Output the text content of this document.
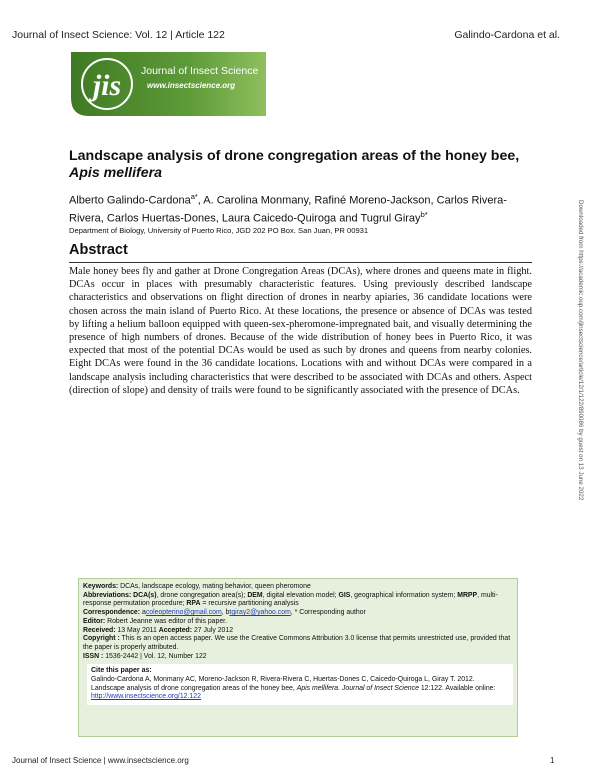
Journal of Insect Science: Vol. 12 | Article 122	Galindo-Cardona et al.
jis Journal of Insect Science
www.insectscience.org
Landscape analysis of drone congregation areas of the honey bee, Apis mellifera
Alberto Galindo-Cardona$^{a*}$, A. Carolina Monmany, Rafiné Moreno-Jackson, Carlos Rivera-Rivera, Carlos Huertas-Dones, Laura Caicedo-Quiroga and Tugrul Giray$^{b*}$
Department of Biology, University of Puerto Rico, JGD 202 PO Box. San Juan, PR 00931
Abstract
Male honey bees fly and gather at Drone Congregation Areas (DCAs), where drones and queens mate in flight. DCAs occur in places with presumably characteristic features. Using previously described landscape characteristics and observations on flight direction of drones in nearby apiaries, 36 candidate locations were chosen across the main island of Puerto Rico. At these locations, the presence or absence of DCAs was tested by lifting a helium balloon equipped with queen-sex-pheromone-impregnated bait, and visually determining the presence of high numbers of drones. Because of the wide distribution of honey bees in Puerto Rico, it was expected that most of the potential DCAs would be used as such by drones and queens from nearby colonies. Eight DCAs were found in the 36 candidate locations. Locations with and without DCAs were compared in a landscape analysis including characteristics that were described to be associated with DCAs and others. Aspect (direction of slope) and density of trails were found to be significantly associated with the presence of DCAs.	Downloaded from https://academic.oup.com/jinsectscience/article/12/1/122/890086 by guest on 13 June 2022
Keywords: DCAs, landscape ecology, mating behavior, queen pheromone
Abbreviations: DCA(s), drone congregation area(s); DEM, digital elevation model; GIS, geographical information system; MRPP, multi-response permutation procedure; RPA = recursive partitioning analysis
Correspondence: acoleopterino@gmail.com, btgiray2@yahoo.com, * Corresponding author
Editor: Robert Jeanne was editor of this paper.
Received: 13 May 2011 Accepted: 27 July 2012
Copyright : This is an open access paper. We use the Creative Commons Attribution 3.0 license that permits unrestricted use, provided that the paper is properly attributed.
ISSN : 1536-2442 | Vol. 12, Number 122
Cite this paper as:
Galindo-Cardona A, Monmany AC, Moreno-Jackson R, Rivera-Rivera C, Huertas-Dones C, Caicedo-Quiroga L, Giray T. 2012. Landscape analysis of drone congregation areas of the honey bee, Apis mellifera. Journal of Insect Science 12:122. Available online: http://www.insectscience.org/12.122
Journal of Insect Science | www.insectscience.org	1
